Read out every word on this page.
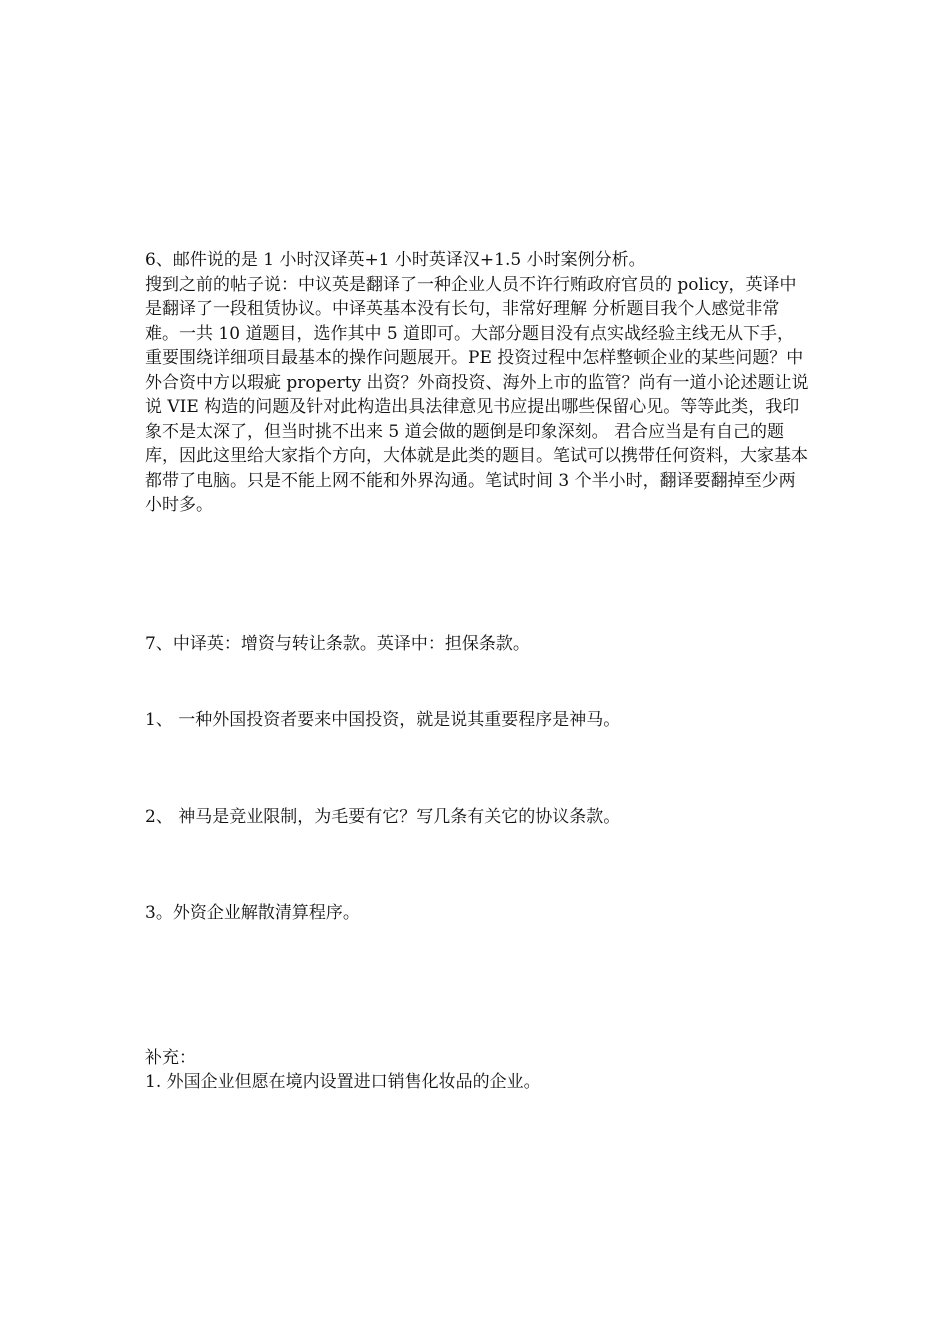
6、邮件说的是 1 小时汉译英+1 小时英译汉+1.5 小时案例分析。

搜到之前的帖子说：中议英是翻译了一种企业人员不许行贿政府官员的 policy，英译中是翻译了一段租赁协议。中译英基本没有长句，非常好理解 分析题目我个人感觉非常难。一共 10 道题目，选作其中 5 道即可。大部分题目没有点实战经验主线无从下手，重要围绕详细项目最基本的操作问题展开。PE 投资过程中怎样整顿企业的某些问题？中外合资中方以瑕疵 property 出资？外商投资、海外上市的监管？尚有一道小论述题让说说 VIE 构造的问题及针对此构造出具法律意见书应提出哪些保留心见。等等此类，我印象不是太深了，但当时挑不出来 5 道会做的题倒是印象深刻。 君合应当是有自己的题库，因此这里给大家指个方向，大体就是此类的题目。笔试可以携带任何资料，大家基本都带了电脑。只是不能上网不能和外界沟通。笔试时间 3 个半小时，翻译要翻掉至少两小时多。

7、中译英：增资与转让条款。英译中：担保条款。

1、 一种外国投资者要来中国投资，就是说其重要程序是神马。

2、 神马是竞业限制，为毛要有它？写几条有关它的协议条款。

3。外资企业解散清算程序。

补充：

1. 外国企业但愿在境内设置进口销售化妆品的企业。
